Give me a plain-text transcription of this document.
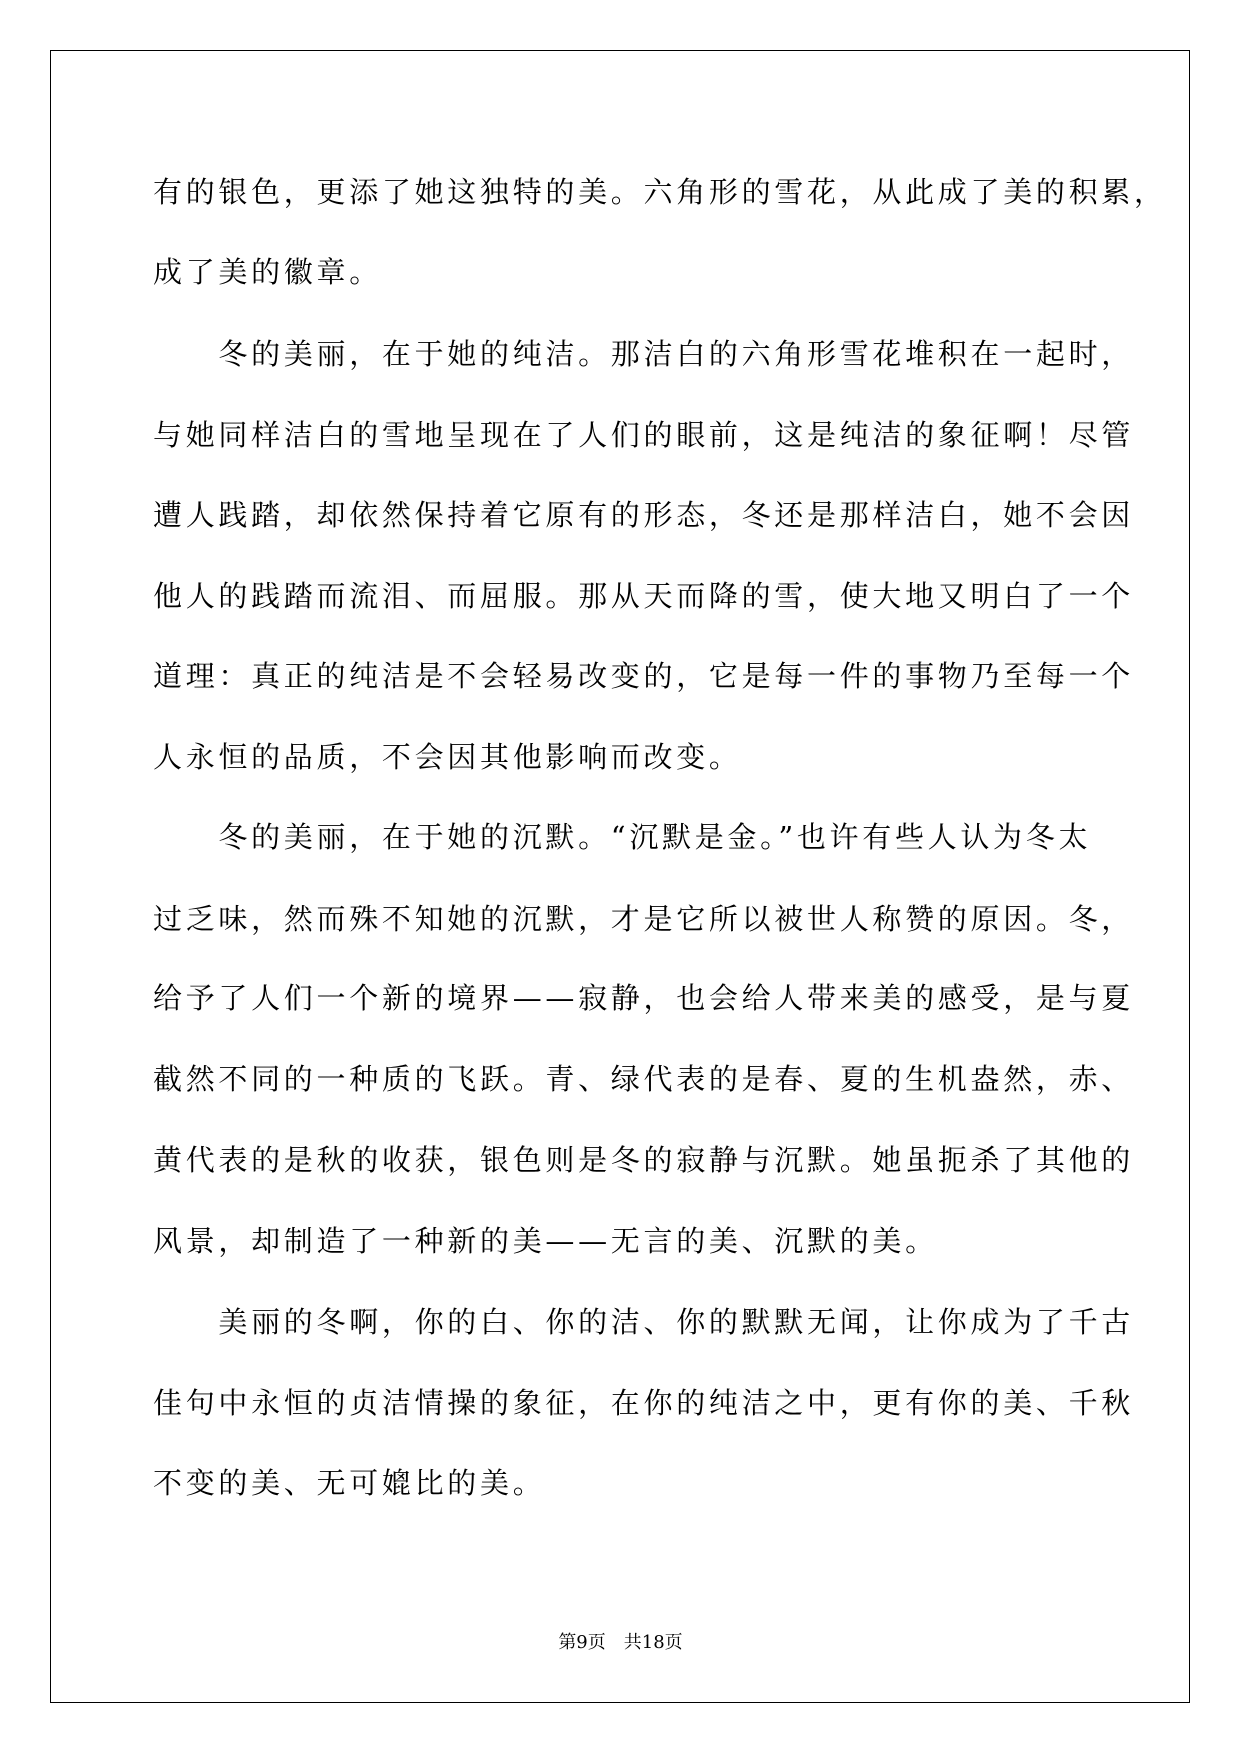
有的银色，更添了她这独特的美。六角形的雪花，从此成了美的积累，
成了美的徽章。
　　冬的美丽，在于她的纯洁。那洁白的六角形雪花堆积在一起时，
与她同样洁白的雪地呈现在了人们的眼前，这是纯洁的象征啊！尽管
遭人践踏，却依然保持着它原有的形态，冬还是那样洁白，她不会因
他人的践踏而流泪、而屈服。那从天而降的雪，使大地又明白了一个
道理：真正的纯洁是不会轻易改变的，它是每一件的事物乃至每一个
人永恒的品质，不会因其他影响而改变。
　　冬的美丽，在于她的沉默。“沉默是金。”也许有些人认为冬太
过乏味，然而殊不知她的沉默，才是它所以被世人称赞的原因。冬，
给予了人们一个新的境界——寂静，也会给人带来美的感受，是与夏
截然不同的一种质的飞跃。青、绿代表的是春、夏的生机盎然，赤、
黄代表的是秋的收获，银色则是冬的寂静与沉默。她虽扼杀了其他的
风景，却制造了一种新的美——无言的美、沉默的美。
　　美丽的冬啊，你的白、你的洁、你的默默无闻，让你成为了千古
佳句中永恒的贞洁情操的象征，在你的纯洁之中，更有你的美、千秋
不变的美、无可媲比的美。
第9页　共18页
